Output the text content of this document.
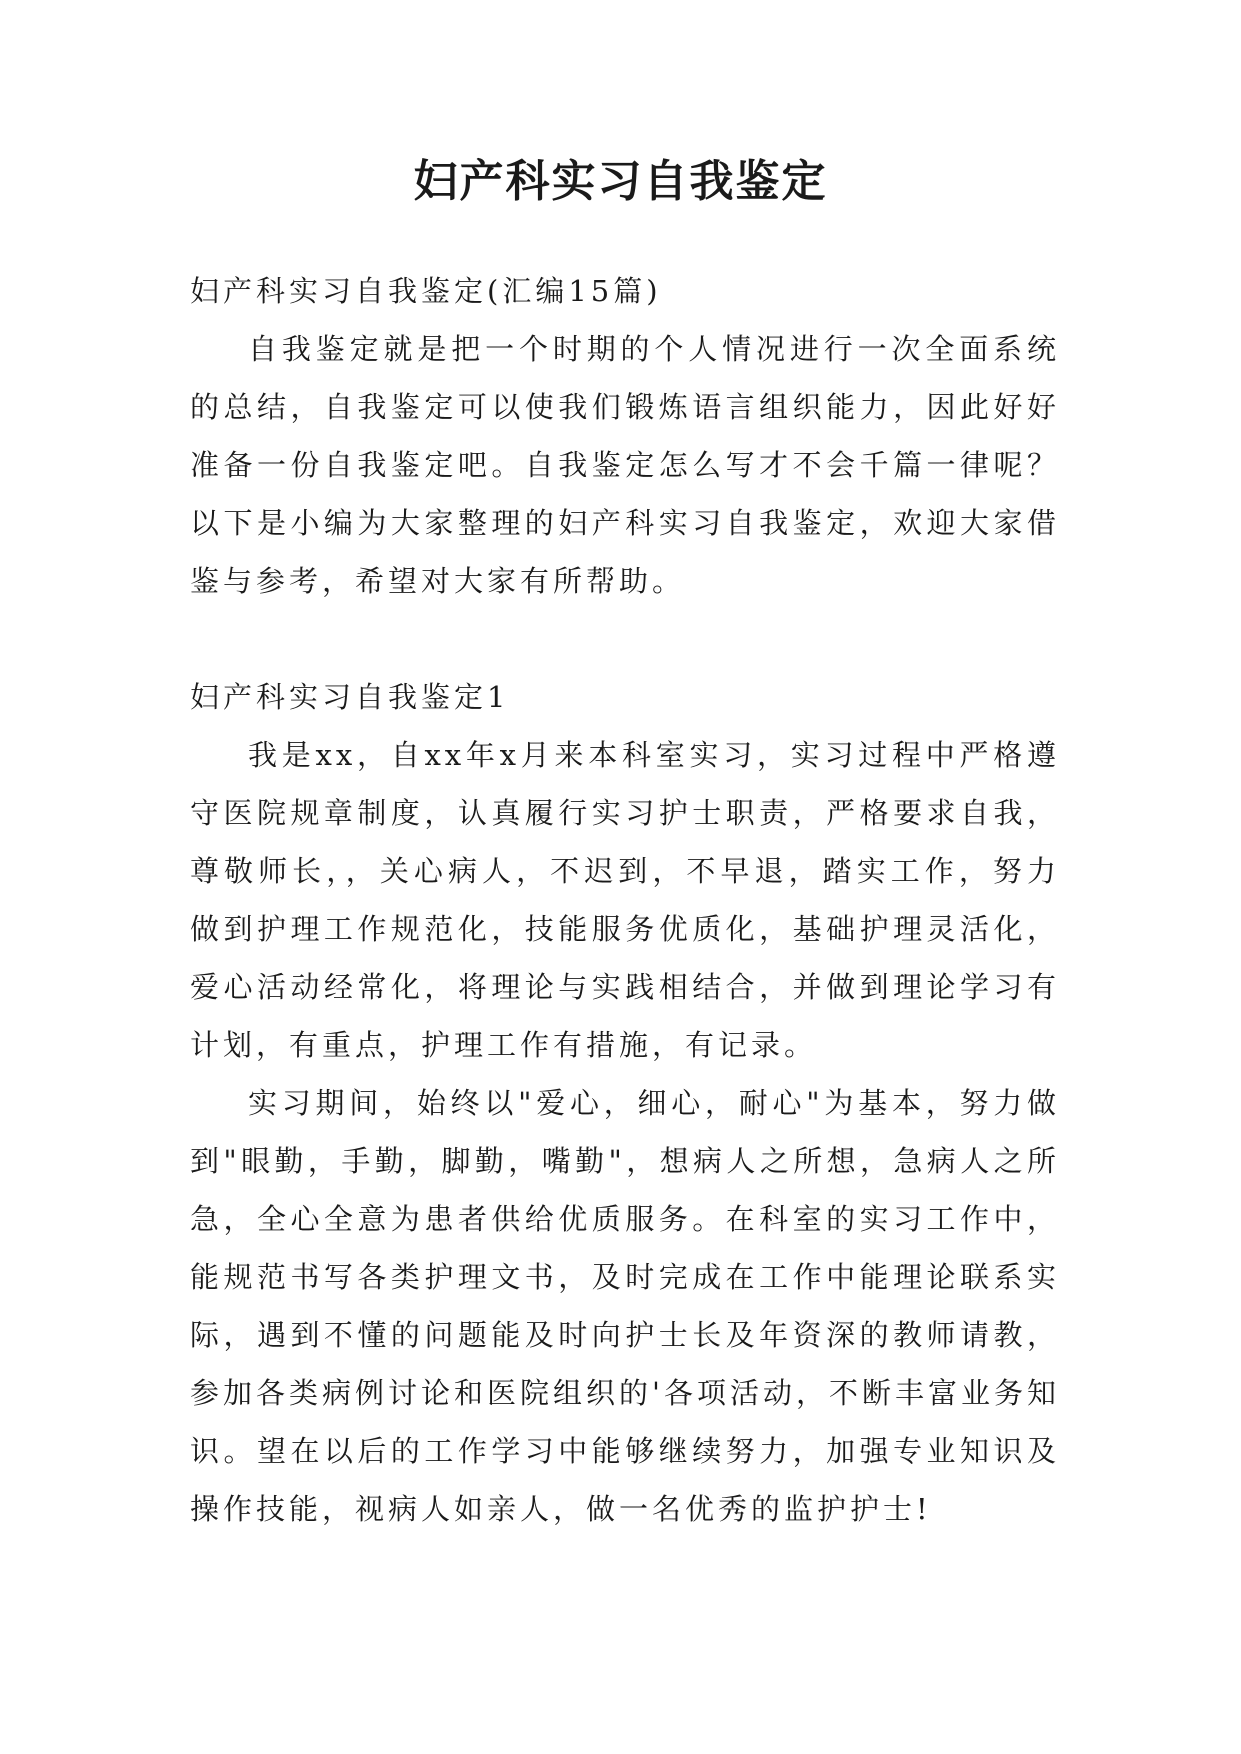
妇产科实习自我鉴定

妇产科实习自我鉴定(汇编15篇)

自我鉴定就是把一个时期的个人情况进行一次全面系统的总结，自我鉴定可以使我们锻炼语言组织能力，因此好好准备一份自我鉴定吧。自我鉴定怎么写才不会千篇一律呢？以下是小编为大家整理的妇产科实习自我鉴定，欢迎大家借鉴与参考，希望对大家有所帮助。

妇产科实习自我鉴定1

我是xx，自xx年x月来本科室实习，实习过程中严格遵守医院规章制度，认真履行实习护士职责，严格要求自我，尊敬师长，，关心病人，不迟到，不早退，踏实工作，努力做到护理工作规范化，技能服务优质化，基础护理灵活化，爱心活动经常化，将理论与实践相结合，并做到理论学习有计划，有重点，护理工作有措施，有记录。

实习期间，始终以"爱心，细心，耐心"为基本，努力做到"眼勤，手勤，脚勤，嘴勤"，想病人之所想，急病人之所急，全心全意为患者供给优质服务。在科室的实习工作中，能规范书写各类护理文书，及时完成在工作中能理论联系实际，遇到不懂的问题能及时向护士长及年资深的教师请教，参加各类病例讨论和医院组织的'各项活动，不断丰富业务知识。望在以后的工作学习中能够继续努力，加强专业知识及操作技能，视病人如亲人，做一名优秀的监护护士!
